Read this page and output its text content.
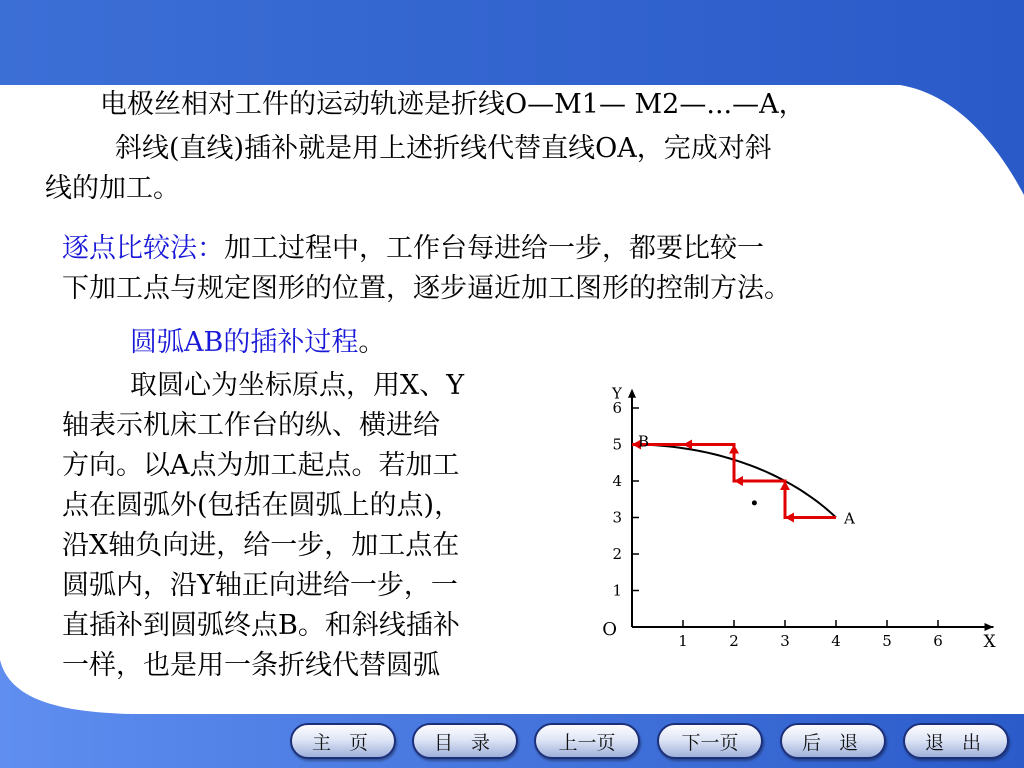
电极丝相对工件的运动轨迹是折线O—M1— M2—...—A，

斜线(直线)插补就是用上述折线代替直线OA，完成对斜

线的加工。

逐点比较法：加工过程中，工作台每进给一步，都要比较一

下加工点与规定图形的位置，逐步逼近加工图形的控制方法。

圆弧AB的插补过程。

取圆心为坐标原点，用X、Y

轴表示机床工作台的纵、横进给

方向。以A点为加工起点。若加工

点在圆弧外(包括在圆弧上的点)，

沿X轴负向进，给一步，加工点在

圆弧内，沿Y轴正向进给一步，一

直插补到圆弧终点B。和斜线插补

一样，也是用一条折线代替圆弧

1	2	3	4	5	6
1
2
3
4
5
6
O
X
Y
A
B
主 页	目 录	上一页	下一页	后 退	退 出
